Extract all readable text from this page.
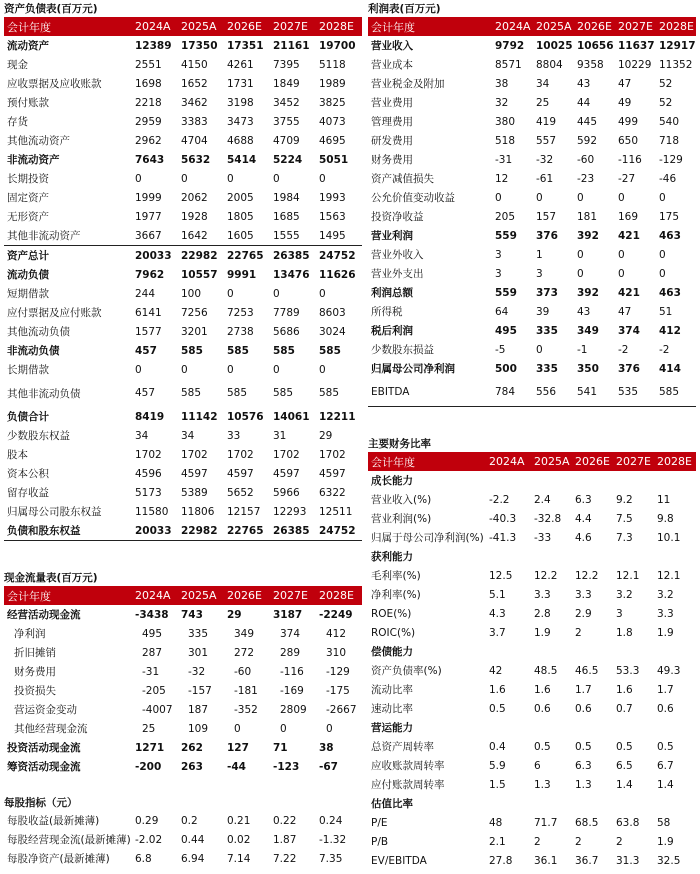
资产负债表(百万元)
会计年度	2024A 2025A 2026E	2027E	2028E
流动资产	12389 17350 17351 21161 19700
现金	2551	4150	4261	7395	5118
应收票据及应收账款	1698	1652	1731	1849	1989
预付账款	2218	3462	3198	3452	3825
存货	2959	3383	3473	3755	4073
其他流动资产	2962	4704	4688	4709	4695
非流动资产	7643	5632	5414	5224	5051
长期投资	0	0	0	0	0
固定资产	1999	2062	2005	1984	1993
无形资产	1977	1928	1805	1685	1563
其他非流动资产	3667	1642	1605	1555	1495
资产总计	20033 22982 22765 26385 24752
流动负债	7962	10557 9991	13476 11626
短期借款	244	100	0	0	0
应付票据及应付账款	6141	7256	7253	7789	8603
其他流动负债	1577	3201	2738	5686	3024
非流动负债	457	585	585	585	585
长期借款	0	0	0	0	0
其他非流动负债	457	585	585	585	585
负债合计	8419	11142 10576 14061 12211
少数股东权益	34	34	33	31	29
股本	1702	1702	1702	1702	1702
资本公积	4596	4597	4597	4597	4597
留存收益	5173	5389	5652	5966	6322
归属母公司股东权益	11580	11806	12157	12293	12511
负债和股东权益	20033 22982 22765 26385 24752
利润表(百万元)
会计年度	2024A 2025A 2026E 2027E 2028E
营业收入	9792	10025 10656 11637 12917
营业成本	8571	8804	9358	10229 11352
营业税金及附加	38	34	43	47	52
营业费用	32	25	44	49	52
管理费用	380	419	445	499	540
研发费用	518	557	592	650	718
财务费用	-31	-32	-60	-116	-129
资产减值损失	12	-61	-23	-27	-46
公允价值变动收益	0	0	0	0	0
投资净收益	205	157	181	169	175
营业利润	559	376	392	421	463
营业外收入	3	1	0	0	0
营业外支出	3	3	0	0	0
利润总额	559	373	392	421	463
所得税	64	39	43	47	51
税后利润	495	335	349	374	412
少数股东损益	-5	0	-1	-2	-2
归属母公司净利润	500	335	350	376	414
EBITDA	784	556	541	535	585
主要财务比率
会计年度	2024A 2025A 2026E 2027E 2028E
成长能力
营业收入(%)	-2.2	2.4	6.3	9.2	11
营业利润(%)	-40.3	-32.8	4.4	7.5	9.8
归属于母公司净利润(%) -41.3	-33	4.6	7.3	10.1
获利能力
毛利率(%)	12.5	12.2	12.2	12.1	12.1
净利率(%)	5.1	3.3	3.3	3.2	3.2
ROE(%)	4.3	2.8	2.9	3	3.3
ROIC(%)	3.7	1.9	2	1.8	1.9
偿债能力
资产负债率(%)	42	48.5	46.5	53.3	49.3
流动比率	1.6	1.6	1.7	1.6	1.7
速动比率	0.5	0.6	0.6	0.7	0.6
营运能力
总资产周转率	0.4	0.5	0.5	0.5	0.5
应收账款周转率	5.9	6	6.3	6.5	6.7
应付账款周转率	1.5	1.3	1.3	1.4	1.4
估值比率
P/E	48	71.7	68.5	63.8	58
P/B	2.1	2	2	2	1.9
EV/EBITDA	27.8	36.1	36.7	31.3	32.5
现金流量表(百万元)
会计年度	2024A 2025A 2026E	2027E	2028E
经营活动现金流	-3438	743	29	3187	-2249
净利润	495	335	349	374	412
折旧摊销	287	301	272	289	310
财务费用	-31	-32	-60	-116	-129
投资损失	-205	-157	-181	-169	-175
营运资金变动	-4007	187	-352	2809	-2667
其他经营现金流	25	109	0	0	0
投资活动现金流	1271	262	127	71	38
筹资活动现金流	-200	263	-44	-123	-67
每股指标（元）
每股收益(最新摊薄)	0.29	0.2	0.21	0.22	0.24
每股经营现金流(最新摊薄) -2.02	0.44	0.02	1.87	-1.32
每股净资产(最新摊薄)	6.8	6.94	7.14	7.22	7.35
